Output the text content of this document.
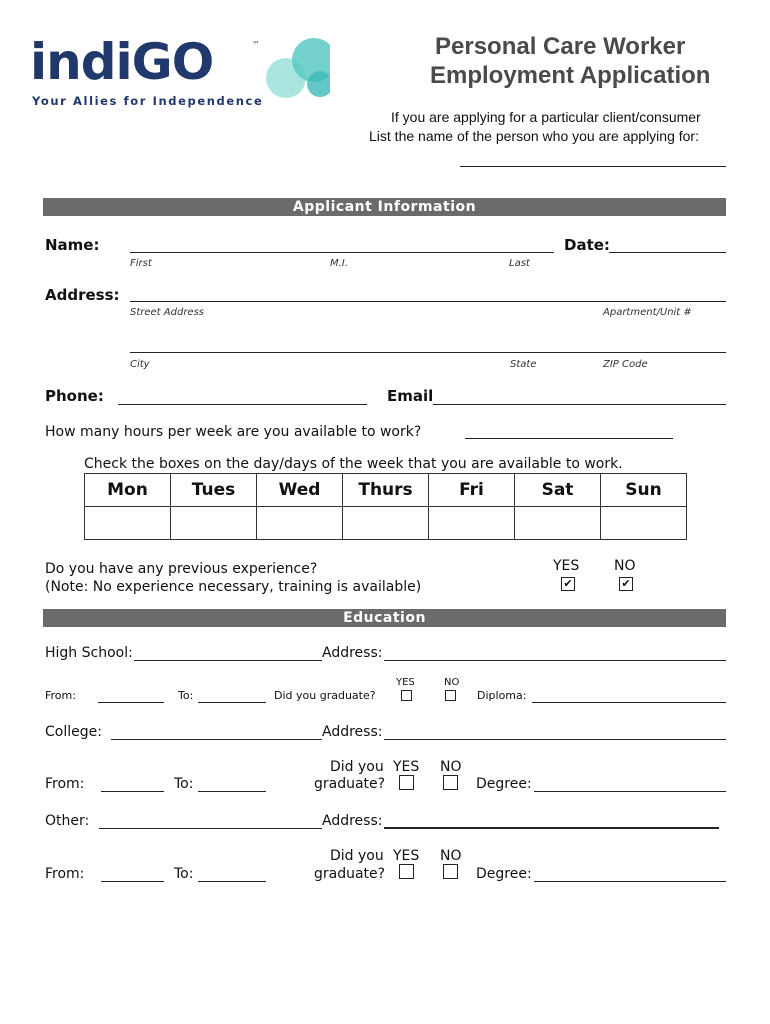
indiGO	™
Your Allies for Independence
Personal Care Worker
Employment Application
If you are applying for a particular client/consumer
List the name of the person who you are applying for:
Applicant Information
Name:	Date:
First	M.I.	Last
Address:
Street Address	Apartment/Unit #
City	State	ZIP Code
Phone:	Email
How many hours per week are you available to work?
Check the boxes on the day/days of the week that you are available to work.
Mon	Tues	Wed	Thurs	Fri	Sat	Sun

Do you have any previous experience?
(Note: No experience necessary, training is available)
YES NO
✔	✔
Education
High School:	Address:
From:	To:	Did you graduate?
YES	NO
Diploma:
College:	Address:
From:	To:
Did you
graduate?
YES NO
Degree:
Other:	Address:
From:	To:
Did you
graduate?
YES NO
Degree:
